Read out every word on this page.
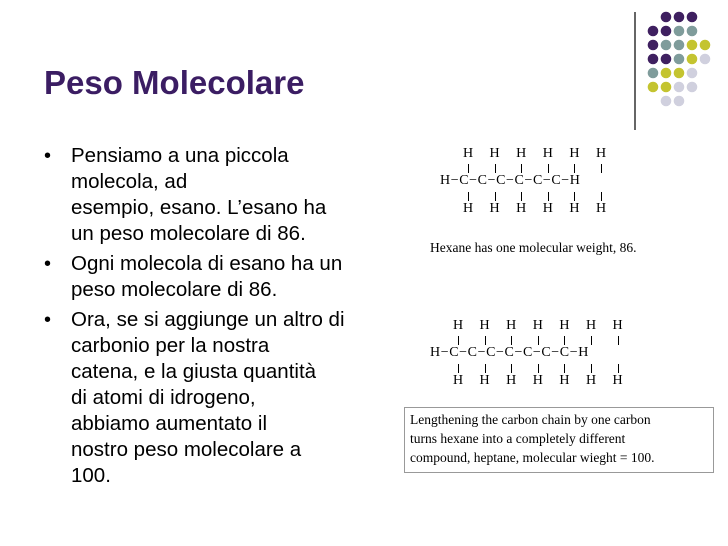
Peso Molecolare
• Pensiamo a una piccola
molecola, ad
esempio, esano. L’esano ha
un peso molecolare di 86.
• Ogni molecola di esano ha un
peso molecolare di 86.
• Ora, se si aggiunge un altro di
carbonio per la nostra
catena, e la giusta quantità
di atomi di idrogeno,
abbiamo aumentato il
nostro peso molecolare a
100.
H
H
H
H
H
H
H
H
H
H
H
H
H−C−C−C−C−C−C−H
Hexane has one molecular weight, 86.
H
H
H
H
H
H
H
H
H
H
H
H
H
H
H−C−C−C−C−C−C−C−H
Lengthening the carbon chain by one carbon
turns hexane into a completely different
compound, heptane, molecular wieght = 100.
